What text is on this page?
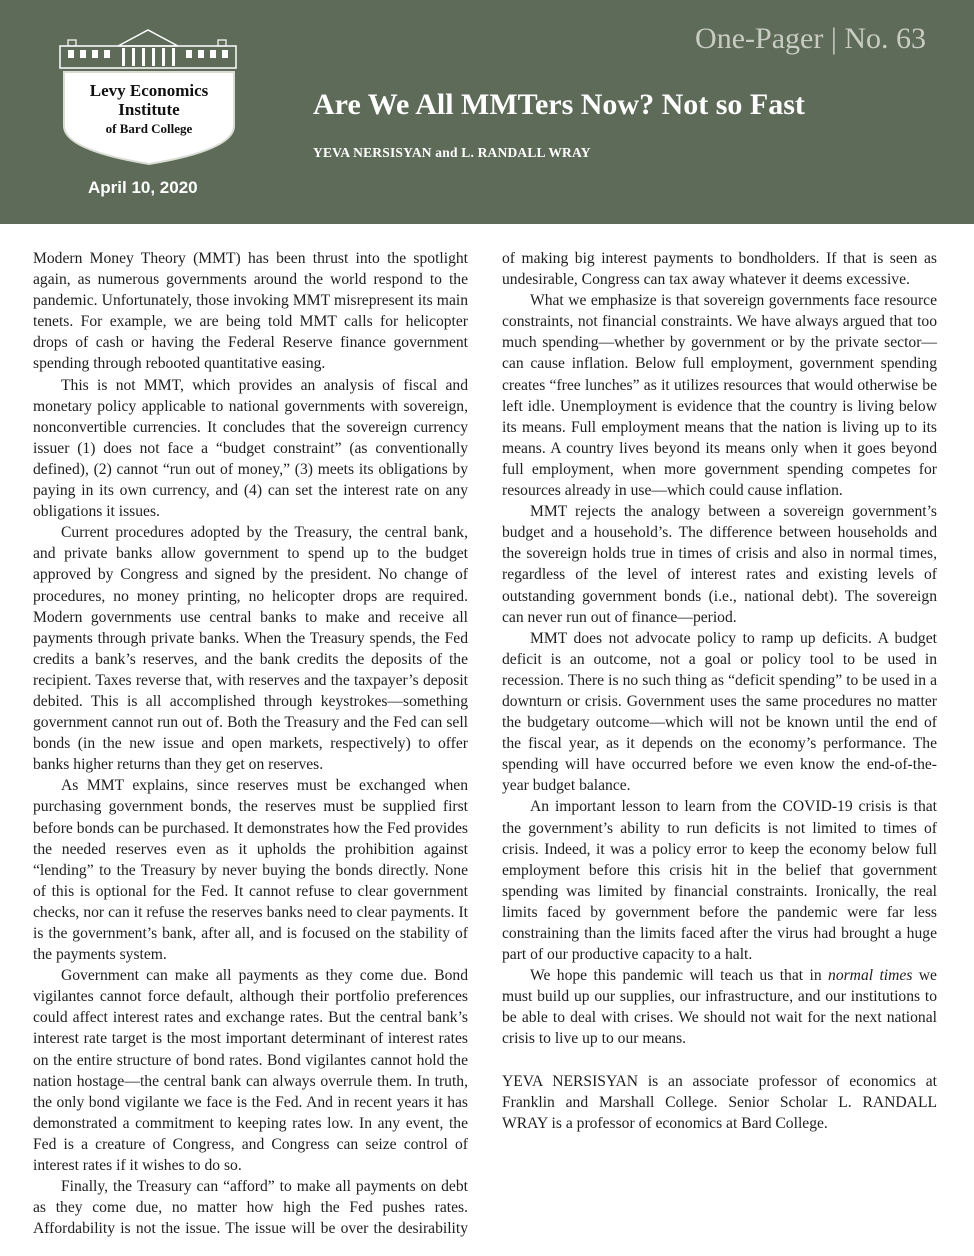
Levy Economics
Institute
of Bard College
April 10, 2020
One-Pager | No. 63
Are We All MMTers Now? Not so Fast
YEVA NERSISYAN and L. RANDALL WRAY

Modern Money Theory (MMT) has been thrust into the spotlight again, as numerous governments around the world respond to the pandemic. Unfortunately, those invoking MMT misrepresent its main tenets. For example, we are being told MMT calls for helicopter drops of cash or having the Federal Reserve finance government spending through rebooted quantitative easing.

This is not MMT, which provides an analysis of fiscal and monetary policy applicable to national governments with sovereign, nonconvertible currencies. It concludes that the sovereign currency issuer (1) does not face a “budget constraint” (as conventionally defined), (2) cannot “run out of money,” (3) meets its obligations by paying in its own currency, and (4) can set the interest rate on any obligations it issues.

Current procedures adopted by the Treasury, the central bank, and private banks allow government to spend up to the budget approved by Congress and signed by the president. No change of procedures, no money printing, no helicopter drops are required. Modern governments use central banks to make and receive all payments through private banks. When the Treasury spends, the Fed credits a bank’s reserves, and the bank credits the deposits of the recipient. Taxes reverse that, with reserves and the taxpayer’s deposit debited. This is all accomplished through keystrokes—something government cannot run out of. Both the Treasury and the Fed can sell bonds (in the new issue and open markets, respectively) to offer banks higher returns than they get on reserves.

As MMT explains, since reserves must be exchanged when purchasing government bonds, the reserves must be supplied first before bonds can be purchased. It demonstrates how the Fed provides the needed reserves even as it upholds the prohibition against “lending” to the Treasury by never buying the bonds directly. None of this is optional for the Fed. It cannot refuse to clear government checks, nor can it refuse the reserves banks need to clear payments. It is the government’s bank, after all, and is focused on the stability of the payments system.

Government can make all payments as they come due. Bond vigilantes cannot force default, although their portfolio preferences could affect interest rates and exchange rates. But the central bank’s interest rate target is the most important determinant of interest rates on the entire structure of bond rates. Bond vigilantes cannot hold the nation hostage—the central bank can always overrule them. In truth, the only bond vigilante we face is the Fed. And in recent years it has demonstrated a commitment to keeping rates low. In any event, the Fed is a creature of Congress, and Congress can seize control of interest rates if it wishes to do so.

Finally, the Treasury can “afford” to make all payments on debt as they come due, no matter how high the Fed pushes rates. Affordability is not the issue. The issue will be over the desirability of making big interest payments to bondholders. If that is seen as undesirable, Congress can tax away whatever it deems excessive.

What we emphasize is that sovereign governments face resource constraints, not financial constraints. We have always argued that too much spending—whether by government or by the private sector—can cause inflation. Below full employment, government spending creates “free lunches” as it utilizes resources that would otherwise be left idle. Unemployment is evidence that the country is living below its means. Full employment means that the nation is living up to its means. A country lives beyond its means only when it goes beyond full employment, when more government spending competes for resources already in use—which could cause inflation.

MMT rejects the analogy between a sovereign government’s budget and a household’s. The difference between households and the sovereign holds true in times of crisis and also in normal times, regardless of the level of interest rates and existing levels of outstanding government bonds (i.e., national debt). The sovereign can never run out of finance—period.

MMT does not advocate policy to ramp up deficits. A budget deficit is an outcome, not a goal or policy tool to be used in recession. There is no such thing as “deficit spending” to be used in a downturn or crisis. Government uses the same procedures no matter the budgetary outcome—which will not be known until the end of the fiscal year, as it depends on the economy’s performance. The spending will have occurred before we even know the end-of-the-year budget balance.

An important lesson to learn from the COVID-19 crisis is that the government’s ability to run deficits is not limited to times of crisis. Indeed, it was a policy error to keep the economy below full employment before this crisis hit in the belief that government spending was limited by financial constraints. Ironically, the real limits faced by government before the pandemic were far less constraining than the limits faced after the virus had brought a huge part of our productive capacity to a halt.

We hope this pandemic will teach us that in normal times we must build up our supplies, our infrastructure, and our institutions to be able to deal with crises. We should not wait for the next national crisis to live up to our means.

YEVA NERSISYAN is an associate professor of economics at Franklin and Marshall College. Senior Scholar L. RANDALL WRAY is a professor of economics at Bard College.
